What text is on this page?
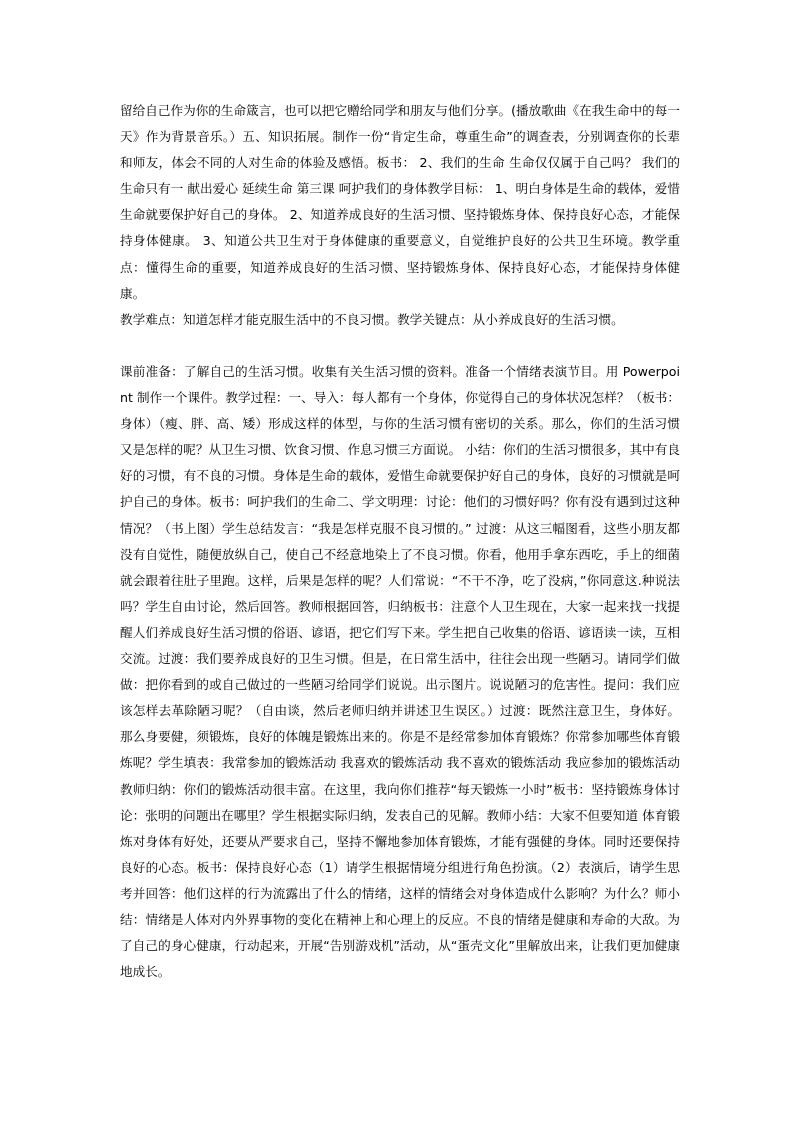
留给自己作为你的生命箴言，也可以把它赠给同学和朋友与他们分享。(播放歌曲《在我生命中的每一天》作为背景音乐。）五、知识拓展。制作一份“肯定生命，尊重生命”的调查表，分别调查你的长辈和师友，体会不同的人对生命的体验及感悟。板书： 2、我们的生命 生命仅仅属于自己吗？ 我们的生命只有一 献出爱心 延续生命 第三课 呵护我们的身体教学目标： 1、明白身体是生命的载体，爱惜生命就要保护好自己的身体。 2、知道养成良好的生活习惯、坚持锻炼身体、保持良好心态，才能保持身体健康。 3、知道公共卫生对于身体健康的重要意义，自觉维护良好的公共卫生环境。教学重点：懂得生命的重要，知道养成良好的生活习惯、坚持锻炼身体、保持良好心态，才能保持身体健康。

教学难点：知道怎样才能克服生活中的不良习惯。教学关键点：从小养成良好的生活习惯。

课前准备：了解自己的生活习惯。收集有关生活习惯的资料。准备一个情绪表演节目。用 Powerpoint 制作一个课件。教学过程：一、导入：每人都有一个身体，你觉得自己的身体状况怎样？（板书：身体）（瘦、胖、高、矮）形成这样的体型，与你的生活习惯有密切的关系。那么，你们的生活习惯又是怎样的呢？从卫生习惯、饮食习惯、作息习惯三方面说。 小结：你们的生活习惯很多，其中有良好的习惯，有不良的习惯。身体是生命的载体，爱惜生命就要保护好自己的身体，良好的习惯就是呵护自己的身体。板书：呵护我们的生命二、学文明理：讨论：他们的习惯好吗？你有没有遇到过这种情况？（书上图）学生总结发言：“我是怎样克服不良习惯的。” 过渡：从这三幅图看，这些小朋友都没有自觉性，随便放纵自己，使自己不经意地染上了不良习惯。你看，他用手拿东西吃，手上的细菌就会跟着往肚子里跑。这样，后果是怎样的呢？人们常说：“不干不净，吃了没病，”你同意这.种说法吗？学生自由讨论，然后回答。教师根据回答，归纳板书：注意个人卫生现在，大家一起来找一找提醒人们养成良好生活习惯的俗语、谚语，把它们写下来。学生把自己收集的俗语、谚语读一读，互相交流。过渡：我们要养成良好的卫生习惯。但是，在日常生活中，往往会出现一些陋习。请同学们做做：把你看到的或自己做过的一些陋习给同学们说说。出示图片。说说陋习的危害性。提问：我们应该怎样去革除陋习呢？（自由谈，然后老师归纳并讲述卫生误区。）过渡：既然注意卫生，身体好。那么身要健，须锻炼，良好的体魄是锻炼出来的。你是不是经常参加体育锻炼？你常参加哪些体育锻炼呢？学生填表：我常参加的锻炼活动 我喜欢的锻炼活动 我不喜欢的锻炼活动 我应参加的锻炼活动 教师归纳：你们的锻炼活动很丰富。在这里，我向你们推荐“每天锻炼一小时”板书：坚持锻炼身体讨论：张明的问题出在哪里？学生根据实际归纳，发表自己的见解。教师小结：大家不但要知道 体育锻炼对身体有好处，还要从严要求自己，坚持不懈地参加体育锻炼，才能有强健的身体。同时还要保持良好的心态。板书：保持良好心态（1）请学生根据情境分组进行角色扮演。（2）表演后，请学生思考并回答：他们这样的行为流露出了什么的情绪，这样的情绪会对身体造成什么影响？为什么？师小结：情绪是人体对内外界事物的变化在精神上和心理上的反应。不良的情绪是健康和寿命的大敌。为了自己的身心健康，行动起来，开展“告别游戏机”活动，从“蛋壳文化”里解放出来，让我们更加健康地成长。
